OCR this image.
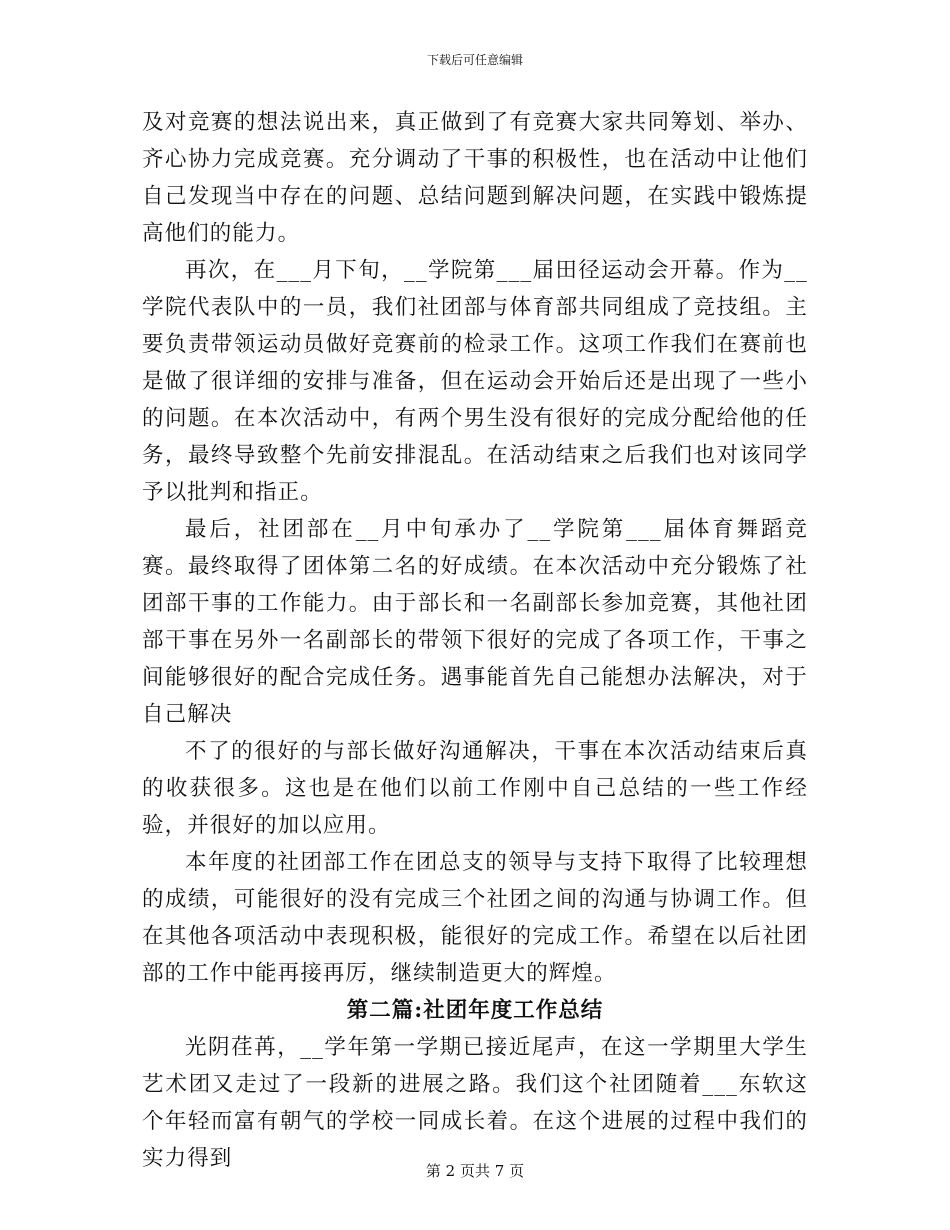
下载后可任意编辑

及对竞赛的想法说出来，真正做到了有竞赛大家共同筹划、举办、齐心协力完成竞赛。充分调动了干事的积极性，也在活动中让他们自己发现当中存在的问题、总结问题到解决问题，在实践中锻炼提高他们的能力。

再次，在___月下旬，__学院第___届田径运动会开幕。作为__学院代表队中的一员，我们社团部与体育部共同组成了竞技组。主要负责带领运动员做好竞赛前的检录工作。这项工作我们在赛前也是做了很详细的安排与准备，但在运动会开始后还是出现了一些小的问题。在本次活动中，有两个男生没有很好的完成分配给他的任务，最终导致整个先前安排混乱。在活动结束之后我们也对该同学予以批判和指正。

最后，社团部在__月中旬承办了__学院第___届体育舞蹈竞赛。最终取得了团体第二名的好成绩。在本次活动中充分锻炼了社团部干事的工作能力。由于部长和一名副部长参加竞赛，其他社团部干事在另外一名副部长的带领下很好的完成了各项工作，干事之间能够很好的配合完成任务。遇事能首先自己能想办法解决，对于自己解决

不了的很好的与部长做好沟通解决，干事在本次活动结束后真的收获很多。这也是在他们以前工作刚中自己总结的一些工作经验，并很好的加以应用。

本年度的社团部工作在团总支的领导与支持下取得了比较理想的成绩，可能很好的没有完成三个社团之间的沟通与协调工作。但在其他各项活动中表现积极，能很好的完成工作。希望在以后社团部的工作中能再接再厉，继续制造更大的辉煌。

第二篇:社团年度工作总结

光阴荏苒，__学年第一学期已接近尾声，在这一学期里大学生艺术团又走过了一段新的进展之路。我们这个社团随着___东软这个年轻而富有朝气的学校一同成长着。在这个进展的过程中我们的实力得到	第 2 页共 7 页
